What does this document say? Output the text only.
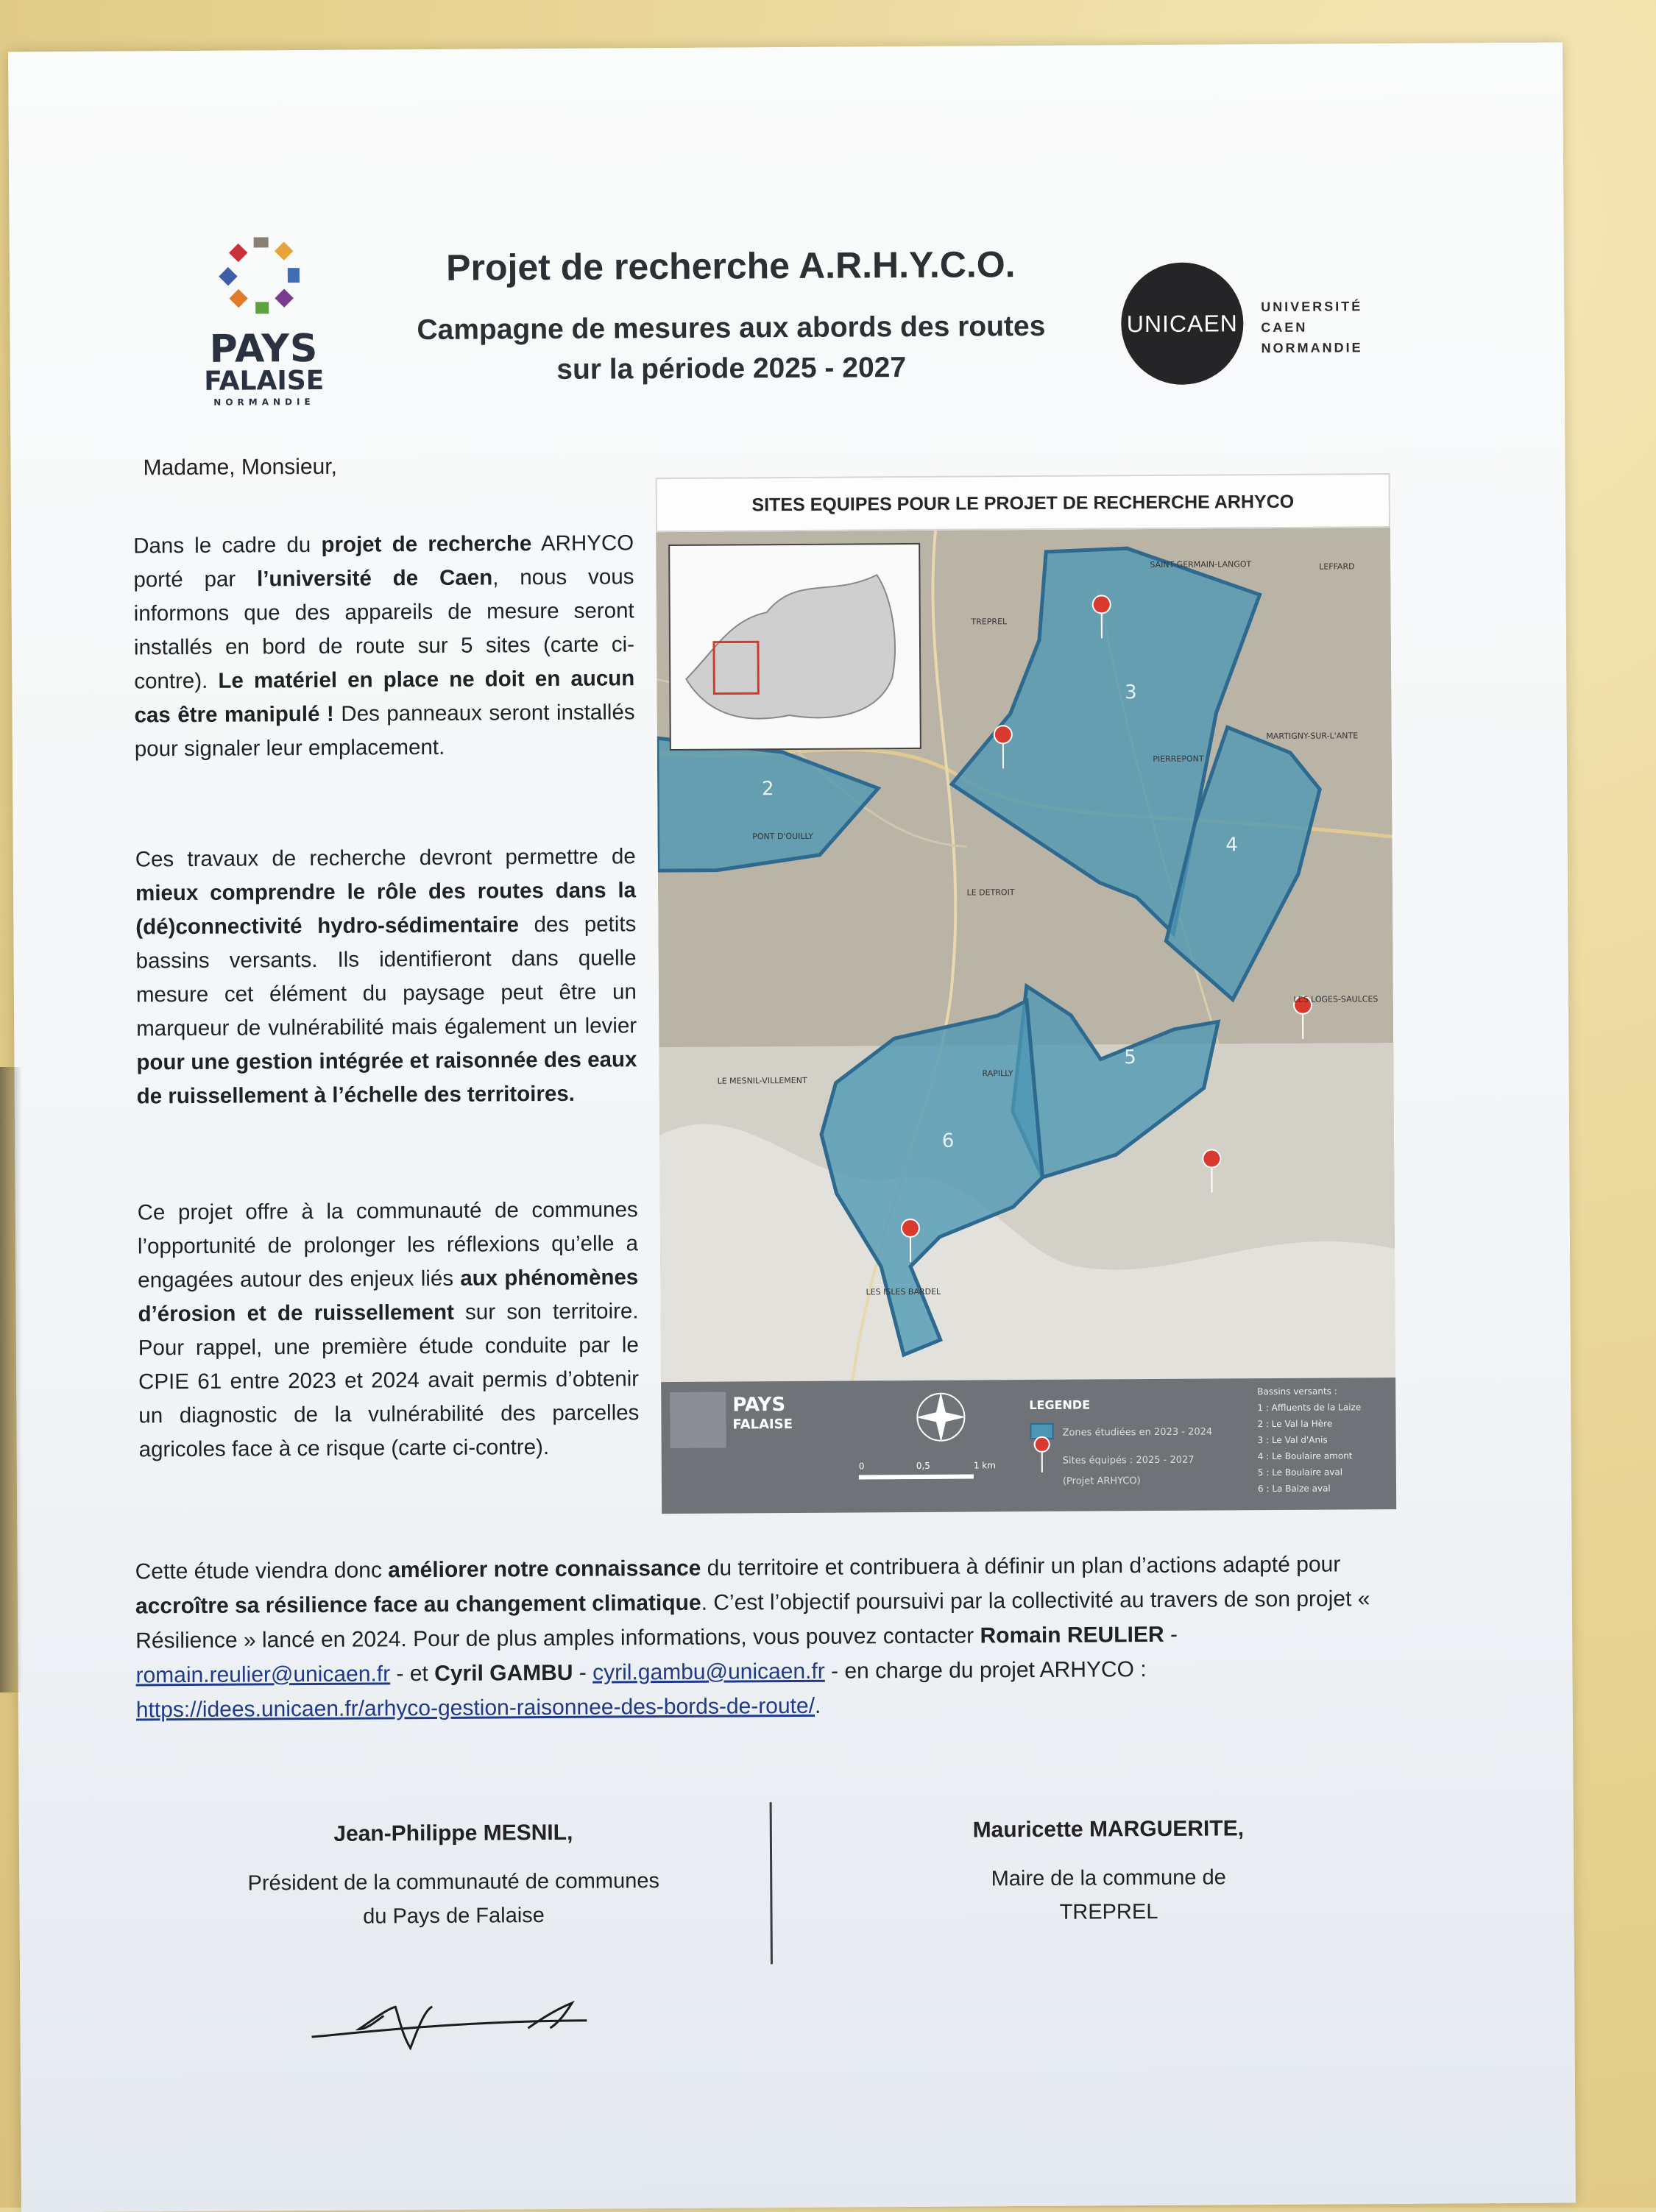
PAYS
FALAISE
NORMANDIE
Projet de recherche A.R.H.Y.C.O.
Campagne de mesures aux abords des routes
sur la période 2025 - 2027
UNICAEN
UNIVERSITÉ
CAEN
NORMANDIE
Madame, Monsieur,

Dans le cadre du projet de recherche ARHYCO porté par l’université de Caen, nous vous informons que des appareils de mesure seront installés en bord de route sur 5 sites (carte ci-contre). Le matériel en place ne doit en aucun cas être manipulé ! Des panneaux seront installés pour signaler leur emplacement.

Ces travaux de recherche devront permettre de mieux comprendre le rôle des routes dans la (dé)connectivité hydro-sédimentaire des petits bassins versants. Ils identifieront dans quelle mesure cet élément du paysage peut être un marqueur de vulnérabilité mais également un levier pour une gestion intégrée et raisonnée des eaux de ruissellement à l’échelle des territoires.

Ce projet offre à la communauté de communes l’opportunité de prolonger les réflexions qu’elle a engagées autour des enjeux liés aux phénomènes d’érosion et de ruissellement sur son territoire. Pour rappel, une première étude conduite par le CPIE 61 entre 2023 et 2024 avait permis d’obtenir un diagnostic de la vulnérabilité des parcelles agricoles face à ce risque (carte ci-contre).

SITES EQUIPES POUR LE PROJET DE RECHERCHE ARHYCO
2
3
4
5
6
SAINT-GERMAIN-LANGOT	LEFFARD
TREPREL
PIERREPONT
MARTIGNY-SUR-L'ANTE
PONT D'OUILLY
LE DETROIT
LES LOGES-SAULCES
LE MESNIL-VILLEMENT
RAPILLY
LES ISLES BARDEL
PAYS
FALAISE
0	0,5	1 km
LEGENDE
Zones étudiées en 2023 - 2024
Sites équipés : 2025 - 2027
(Projet ARHYCO)
Bassins versants :
1 : Affluents de la Laize
2 : Le Val la Hère
3 : Le Val d'Anis
4 : Le Boulaire amont
5 : Le Boulaire aval
6 : La Baize aval

Cette étude viendra donc améliorer notre connaissance du territoire et contribuera à définir un plan d’actions adapté pour accroître sa résilience face au changement climatique. C’est l’objectif poursuivi par la collectivité au travers de son projet « Résilience » lancé en 2024. Pour de plus amples informations, vous pouvez contacter Romain REULIER - romain.reulier@unicaen.fr - et Cyril GAMBU - cyril.gambu@unicaen.fr - en charge du projet ARHYCO : https://idees.unicaen.fr/arhyco-gestion-raisonnee-des-bords-de-route/.

Jean-Philippe MESNIL,
Président de la communauté de communes
du Pays de Falaise
Mauricette MARGUERITE,
Maire de la commune de
TREPREL
